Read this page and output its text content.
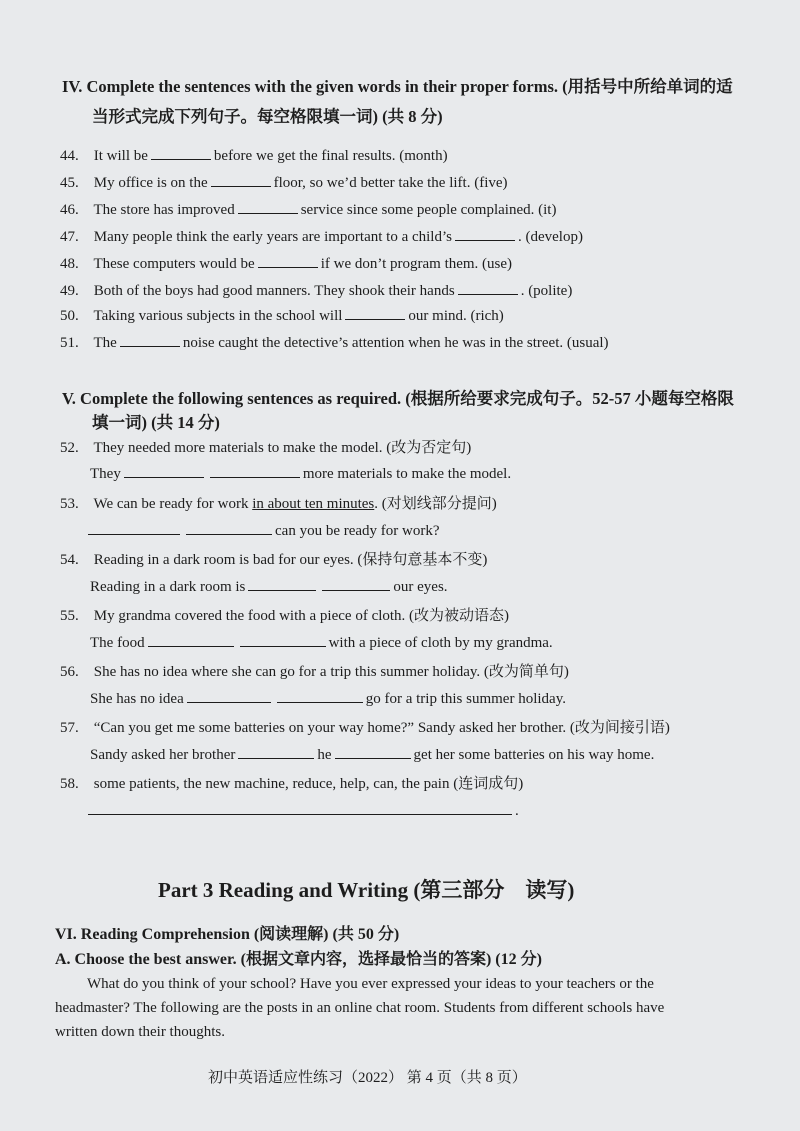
IV. Complete the sentences with the given words in their proper forms. (用括号中所给单词的适
当形式完成下列句子。每空格限填一词) (共 8 分)
44. It will be	before we get the final results. (month)
45. My office is on the	floor, so we’d better take the lift. (five)
46. The store has improved	service since some people complained. (it)
47. Many people think the early years are important to a child’s	. (develop)
48. These computers would be	if we don’t program them. (use)
49. Both of the boys had good manners. They shook their hands	. (polite)
50. Taking various subjects in the school will	our mind. (rich)
51. The	noise caught the detective’s attention when he was in the street. (usual)
V. Complete the following sentences as required. (根据所给要求完成句子。52-57 小题每空格限
填一词) (共 14 分)
52. They needed more materials to make the model. (改为否定句)
They	more materials to make the model.
53. We can be ready for work in about ten minutes. (对划线部分提问)
can you be ready for work?
54. Reading in a dark room is bad for our eyes. (保持句意基本不变)
Reading in a dark room is	our eyes.
55. My grandma covered the food with a piece of cloth. (改为被动语态)
The food	with a piece of cloth by my grandma.
56. She has no idea where she can go for a trip this summer holiday. (改为简单句)
She has no idea	go for a trip this summer holiday.
57. “Can you get me some batteries on your way home?” Sandy asked her brother. (改为间接引语)
Sandy asked her brother	he	get her some batteries on his way home.
58. some patients, the new machine, reduce, help, can, the pain (连词成句)
.
Part 3 Reading and Writing (第三部分　读写)
VI. Reading Comprehension (阅读理解) (共 50 分)
A. Choose the best answer. (根据文章内容，选择最恰当的答案) (12 分)
What do you think of your school? Have you ever expressed your ideas to your teachers or the headmaster? The following are the posts in an online chat room. Students from different schools have written down their thoughts.
初中英语适应性练习（2022） 第 4 页（共 8 页）
